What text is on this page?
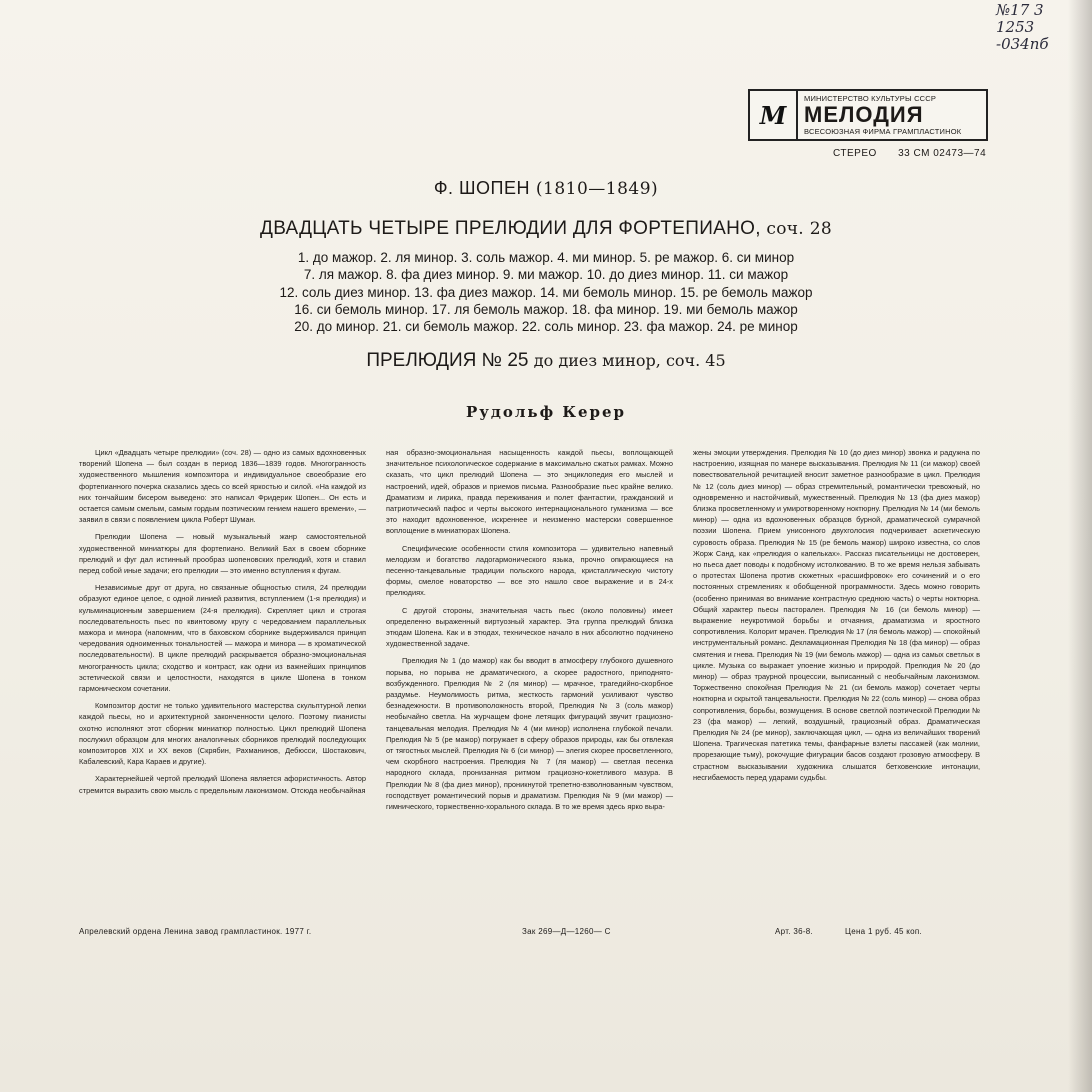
№17 3
1253
-034пб
М
МИНИСТЕРСТВО КУЛЬТУРЫ СССР
МЕЛОДИЯ
ВСЕСОЮЗНАЯ ФИРМА ГРАМПЛАСТИНОК
СТЕРЕО 33 СМ 02473—74
Ф. ШОПЕН (1810—1849)
ДВАДЦАТЬ ЧЕТЫРЕ ПРЕЛЮДИИ ДЛЯ ФОРТЕПИАНО, соч. 28
1. до мажор. 2. ля минор. 3. соль мажор. 4. ми минор. 5. ре мажор. 6. си минор
7. ля мажор. 8. фа диез минор. 9. ми мажор. 10. до диез минор. 11. си мажор
12. соль диез минор. 13. фа диез мажор. 14. ми бемоль минор. 15. ре бемоль мажор
16. си бемоль минор. 17. ля бемоль мажор. 18. фа минор. 19. ми бемоль мажор
20. до минор. 21. си бемоль мажор. 22. соль минор. 23. фа мажор. 24. ре минор
ПРЕЛЮДИЯ № 25 до диез минор, соч. 45
Рудольф Керер

Цикл «Двадцать четыре прелюдии» (соч. 28) — одно из самых вдохновенных творений Шопена — был создан в период 1836—1839 годов. Многогранность художественного мышления композитора и индивидуальное своеобразие его фортепианного почерка сказались здесь со всей яркостью и силой. «На каждой из них тончайшим бисером выведено: это написал Фридерик Шопен... Он есть и остается самым смелым, самым гордым поэтическим гением нашего времени», — заявил в связи с появлением цикла Роберт Шуман.

Прелюдии Шопена — новый музыкальный жанр самостоятельной художественной миниатюры для фортепиано. Великий Бах в своем сборнике прелюдий и фуг дал истинный прообраз шопеновских прелюдий, хотя и ставил перед собой иные задачи; его прелюдии — это именно вступления к фугам.

Независимые друг от друга, но связанные общностью стиля, 24 прелюдии образуют единое целое, с одной линией развития, вступлением (1-я прелюдия) и кульминационным завершением (24-я прелюдия). Скрепляет цикл и строгая последовательность пьес по квинтовому кругу с чередованием параллельных мажора и минора (напомним, что в баховском сборнике выдерживался принцип чередования одноименных тональностей — мажора и минора — в хроматической последовательности). В цикле прелюдий раскрывается образно-эмоциональная многогранность цикла; сходство и контраст, как одни из важнейших принципов эстетической связи и целостности, находятся в цикле Шопена в тонком гармоническом сочетании.

Композитор достиг не только удивительного мастерства скульптурной лепки каждой пьесы, но и архитектурной законченности целого. Поэтому пианисты охотно исполняют этот сборник миниатюр полностью. Цикл прелюдий Шопена послужил образцом для многих аналогичных сборников прелюдий последующих композиторов XIX и XX веков (Скрябин, Рахманинов, Дебюсси, Шостакович, Кабалевский, Кара Караев и другие).

Характернейшей чертой прелюдий Шопена является афористичность. Автор стремится выразить свою мысль с предельным лаконизмом. Отсюда необычайная

ная образно-эмоциональная насыщенность каждой пьесы, воплощающей значительное психологическое содержание в максимально сжатых рамках. Можно сказать, что цикл прелюдий Шопена — это энциклопедия его мыслей и настроений, идей, образов и приемов письма. Разнообразие пьес крайне велико. Драматизм и лирика, правда переживания и полет фантастии, гражданский и патриотический пафос и черты высокого интернационального гуманизма — все это находит вдохновенное, искреннее и неизменно мастерски совершенное воплощение в миниатюрах Шопена.

Специфические особенности стиля композитора — удивительно напевный мелодизм и богатство ладогармонического языка, прочно опирающиеся на песенно-танцевальные традиции польского народа, кристаллическую чистоту формы, смелое новаторство — все это нашло свое выражение и в 24-х прелюдиях.

С другой стороны, значительная часть пьес (около половины) имеет определенно выраженный виртуозный характер. Эта группа прелюдий близка этюдам Шопена. Как и в этюдах, техническое начало в них абсолютно подчинено художественной задаче.

Прелюдия № 1 (до мажор) как бы вводит в атмосферу глубокого душевного порыва, но порыва не драматического, а скорее радостного, приподнято-возбужденного. Прелюдия № 2 (ля минор) — мрачное, трагедийно-скорбное раздумье. Неумолимость ритма, жесткость гармоний усиливают чувство безнадежности. В противоположность второй, Прелюдия № 3 (соль мажор) необычайно светла. На журчащем фоне летящих фигураций звучит грациозно-танцевальная мелодия. Прелюдия № 4 (ми минор) исполнена глубокой печали. Прелюдия № 5 (ре мажор) погружает в сферу образов природы, как бы отвлекая от тягостных мыслей. Прелюдия № 6 (си минор) — элегия скорее просветленного, чем скорбного настроения. Прелюдия № 7 (ля мажор) — светлая песенка народного склада, пронизанная ритмом грациозно-кокетливого мазура. В Прелюдии № 8 (фа диез минор), проникнутой трепетно-взволнованным чувством, господствует романтический порыв и драматизм. Прелюдия № 9 (ми мажор) — гимнического, торжественно-хорального склада. В то же время здесь ярко выра-

жены эмоции утверждения. Прелюдия № 10 (до диез минор) звонка и радужна по настроению, изящная по манере высказывания. Прелюдия № 11 (си мажор) своей повествовательной речитацией вносит заметное разнообразие в цикл. Прелюдия № 12 (соль диез минор) — образ стремительный, романтически тревожный, но одновременно и настойчивый, мужественный. Прелюдия № 13 (фа диез мажор) близка просветленному и умиротворенному ноктюрну. Прелюдия № 14 (ми бемоль минор) — одна из вдохновенных образцов бурной, драматической сумрачной поэзии Шопена. Прием унисонного двухголосия подчеркивает аскетическую суровость образа. Прелюдия № 15 (ре бемоль мажор) широко известна, со слов Жорж Санд, как «прелюдия о капельках». Рассказ писательницы не достоверен, но пьеса дает поводы к подобному истолкованию. В то же время нельзя забывать о протестах Шопена против сюжетных «расшифровок» его сочинений и о его постоянных стремлениях к обобщенной программности. Здесь можно говорить (особенно принимая во внимание контрастную среднюю часть) о черты ноктюрна. Общий характер пьесы пасторален. Прелюдия № 16 (си бемоль минор) — выражение неукротимой борьбы и отчаяния, драматизма и яростного сопротивления. Колорит мрачен. Прелюдия № 17 (ля бемоль мажор) — спокойный инструментальный романс. Декламационная Прелюдия № 18 (фа минор) — образ смятения и гнева. Прелюдия № 19 (ми бемоль мажор) — одна из самых светлых в цикле. Музыка со выражает упоение жизнью и природой. Прелюдия № 20 (до минор) — образ траурной процессии, выписанный с необычайным лаконизмом. Торжественно спокойная Прелюдия № 21 (си бемоль мажор) сочетает черты ноктюрна и скрытой танцевальности. Прелюдия № 22 (соль минор) — снова образ сопротивления, борьбы, возмущения. В основе светлой поэтической Прелюдии № 23 (фа мажор) — легкий, воздушный, грациозный образ. Драматическая Прелюдия № 24 (ре минор), заключающая цикл, — одна из величайших творений Шопена. Трагическая патетика темы, фанфарные взлеты пассажей (как молнии, прорезающие тьму), рокочущие фигурации басов создают грозовую атмосферу. В страстном высказывании художника слышатся бетховенские интонации, несгибаемость перед ударами судьбы.

Апрелевский ордена Ленина завод грампластинок. 1977 г.	Зак 269—Д—1260— С	Арт. 36-8.	Цена 1 руб. 45 коп.
